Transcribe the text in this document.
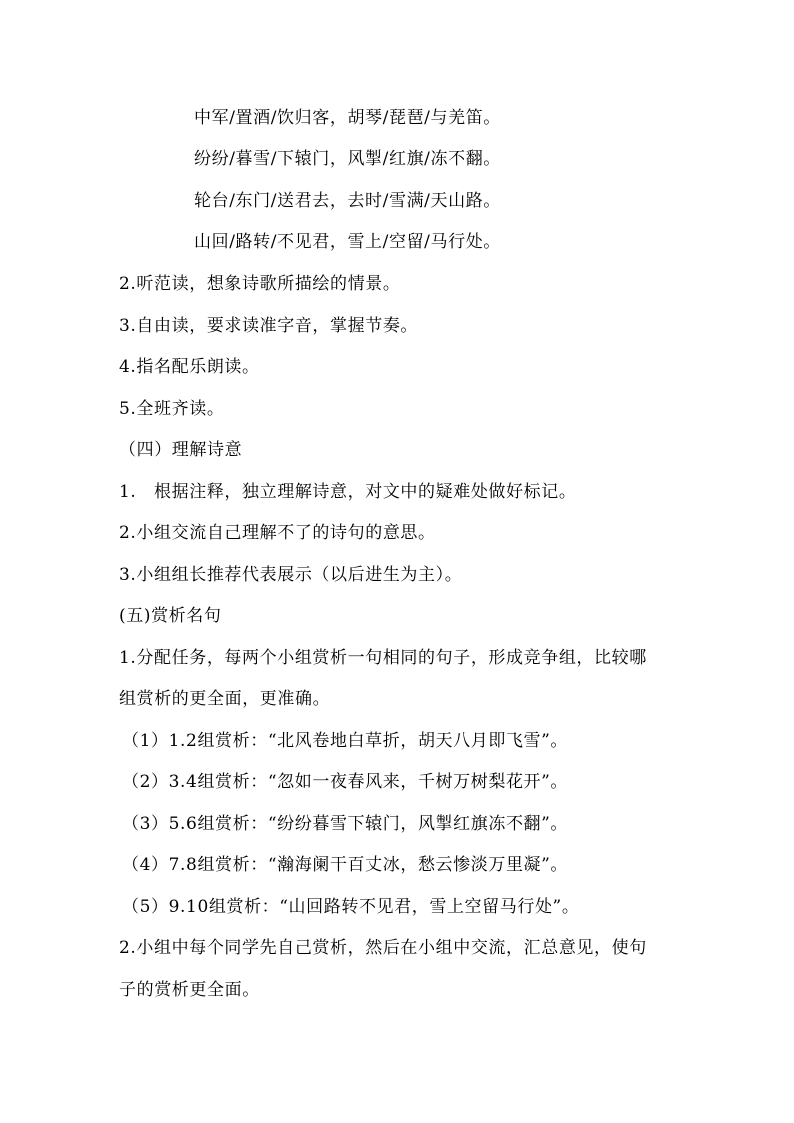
中军/置酒/饮归客，胡琴/琵琶/与羌笛。
纷纷/暮雪/下辕门，风掣/红旗/冻不翻。
轮台/东门/送君去，去时/雪满/天山路。
山回/路转/不见君，雪上/空留/马行处。
2.听范读，想象诗歌所描绘的情景。
3.自由读，要求读准字音，掌握节奏。
4.指名配乐朗读。
5.全班齐读。
（四）理解诗意
1.　根据注释，独立理解诗意，对文中的疑难处做好标记。
2.小组交流自己理解不了的诗句的意思。
3.小组组长推荐代表展示（以后进生为主）。
(五)赏析名句
1.分配任务，每两个小组赏析一句相同的句子，形成竞争组，比较哪
组赏析的更全面，更准确。
（1）1.2组赏析：“北风卷地白草折，胡天八月即飞雪”。
（2）3.4组赏析：“忽如一夜春风来，千树万树梨花开”。
（3）5.6组赏析：“纷纷暮雪下辕门，风掣红旗冻不翻”。
（4）7.8组赏析：“瀚海阑干百丈冰，愁云惨淡万里凝”。
（5）9.10组赏析：“山回路转不见君，雪上空留马行处”。
2.小组中每个同学先自己赏析，然后在小组中交流，汇总意见，使句
子的赏析更全面。
